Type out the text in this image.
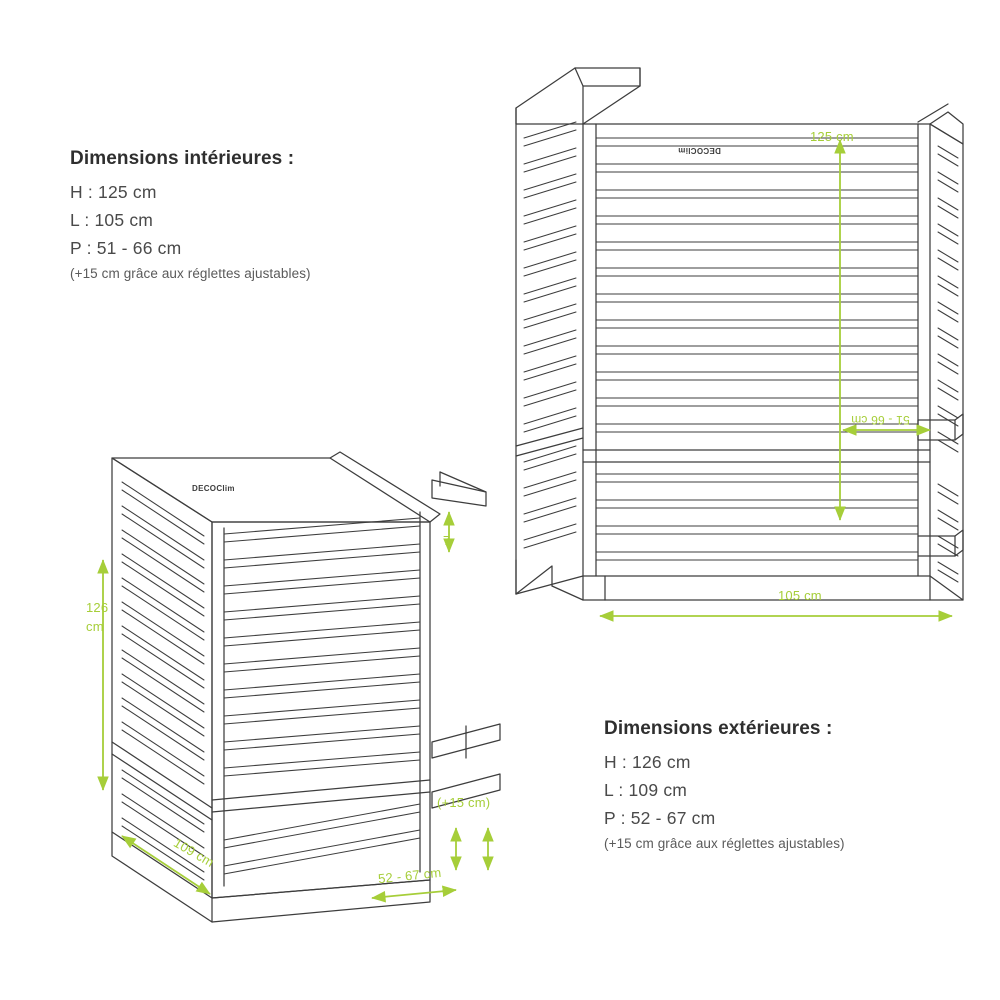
Dimensions intérieures :
H : 125 cm
L : 105 cm
P : 51 - 66 cm
(+15 cm grâce aux réglettes ajustables)
Dimensions extérieures :
H : 126 cm
L : 109 cm
P : 52 - 67 cm
(+15 cm grâce aux réglettes ajustables)
DECOClim
DECOClim
125 cm
51 - 66 cm
105 cm
126
cm
109 cm
52 - 67 cm
(+15 cm)
7
